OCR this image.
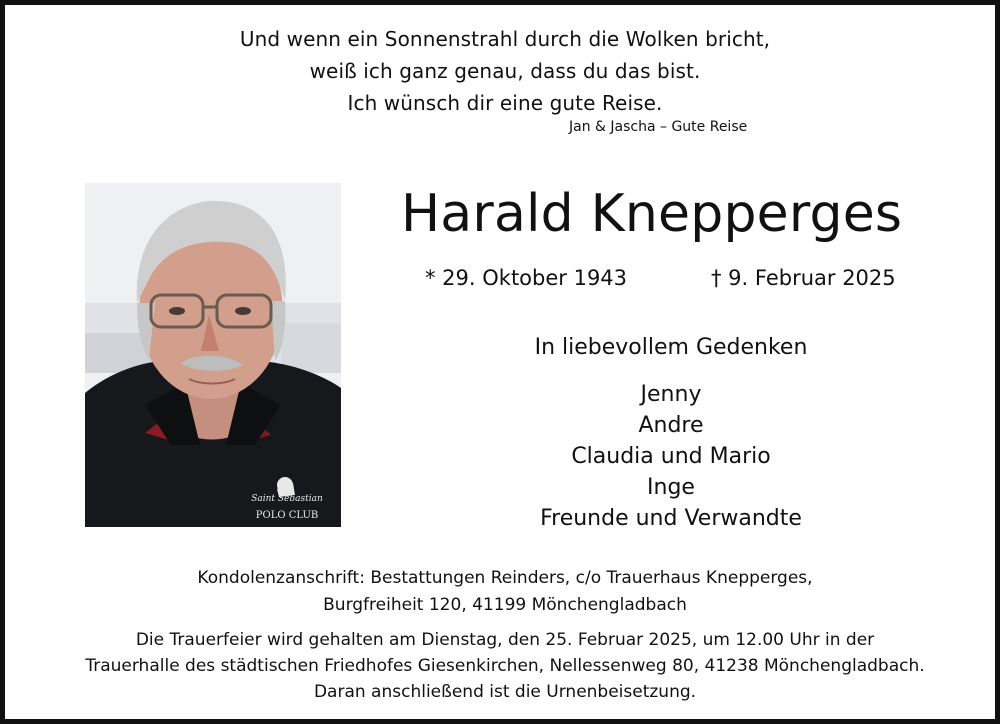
Und wenn ein Sonnenstrahl durch die Wolken bricht,
weiß ich ganz genau, dass du das bist.
Ich wünsch dir eine gute Reise.
Jan & Jascha – Gute Reise
Saint Sebastian
POLO CLUB
Harald Knepperges
* 29. Oktober 1943	† 9. Februar 2025
In liebevollem Gedenken
Jenny
Andre
Claudia und Mario
Inge
Freunde und Verwandte
Kondolenzanschrift: Bestattungen Reinders, c/o Trauerhaus Knepperges,
Burgfreiheit 120, 41199 Mönchengladbach
Die Trauerfeier wird gehalten am Dienstag, den 25. Februar 2025, um 12.00 Uhr in der
Trauerhalle des städtischen Friedhofes Giesenkirchen, Nellessenweg 80, 41238 Mönchengladbach.
Daran anschließend ist die Urnenbeisetzung.
